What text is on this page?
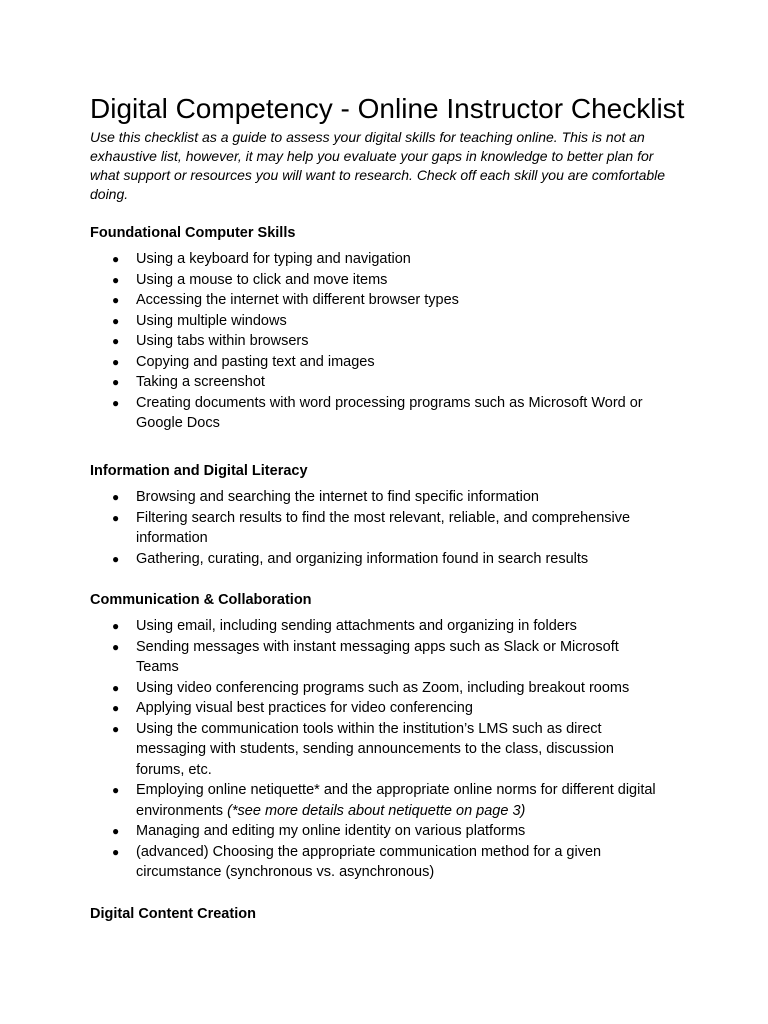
Digital Competency - Online Instructor Checklist

Use this checklist as a guide to assess your digital skills for teaching online. This is not an exhaustive list, however, it may help you evaluate your gaps in knowledge to better plan for what support or resources you will want to research. Check off each skill you are comfortable doing.

Foundational Computer Skills
● Using a keyboard for typing and navigation
● Using a mouse to click and move items
● Accessing the internet with different browser types
● Using multiple windows
● Using tabs within browsers
● Copying and pasting text and images
● Taking a screenshot
● Creating documents with word processing programs such as Microsoft Word or Google Docs
Information and Digital Literacy
● Browsing and searching the internet to find specific information
● Filtering search results to find the most relevant, reliable, and comprehensive information
● Gathering, curating, and organizing information found in search results
Communication & Collaboration
● Using email, including sending attachments and organizing in folders
● Sending messages with instant messaging apps such as Slack or Microsoft Teams
● Using video conferencing programs such as Zoom, including breakout rooms
● Applying visual best practices for video conferencing
● Using the communication tools within the institution’s LMS such as direct messaging with students, sending announcements to the class, discussion forums, etc.
● Employing online netiquette* and the appropriate online norms for different digital environments (*see more details about netiquette on page 3)
● Managing and editing my online identity on various platforms
● (advanced) Choosing the appropriate communication method for a given circumstance (synchronous vs. asynchronous)
Digital Content Creation
